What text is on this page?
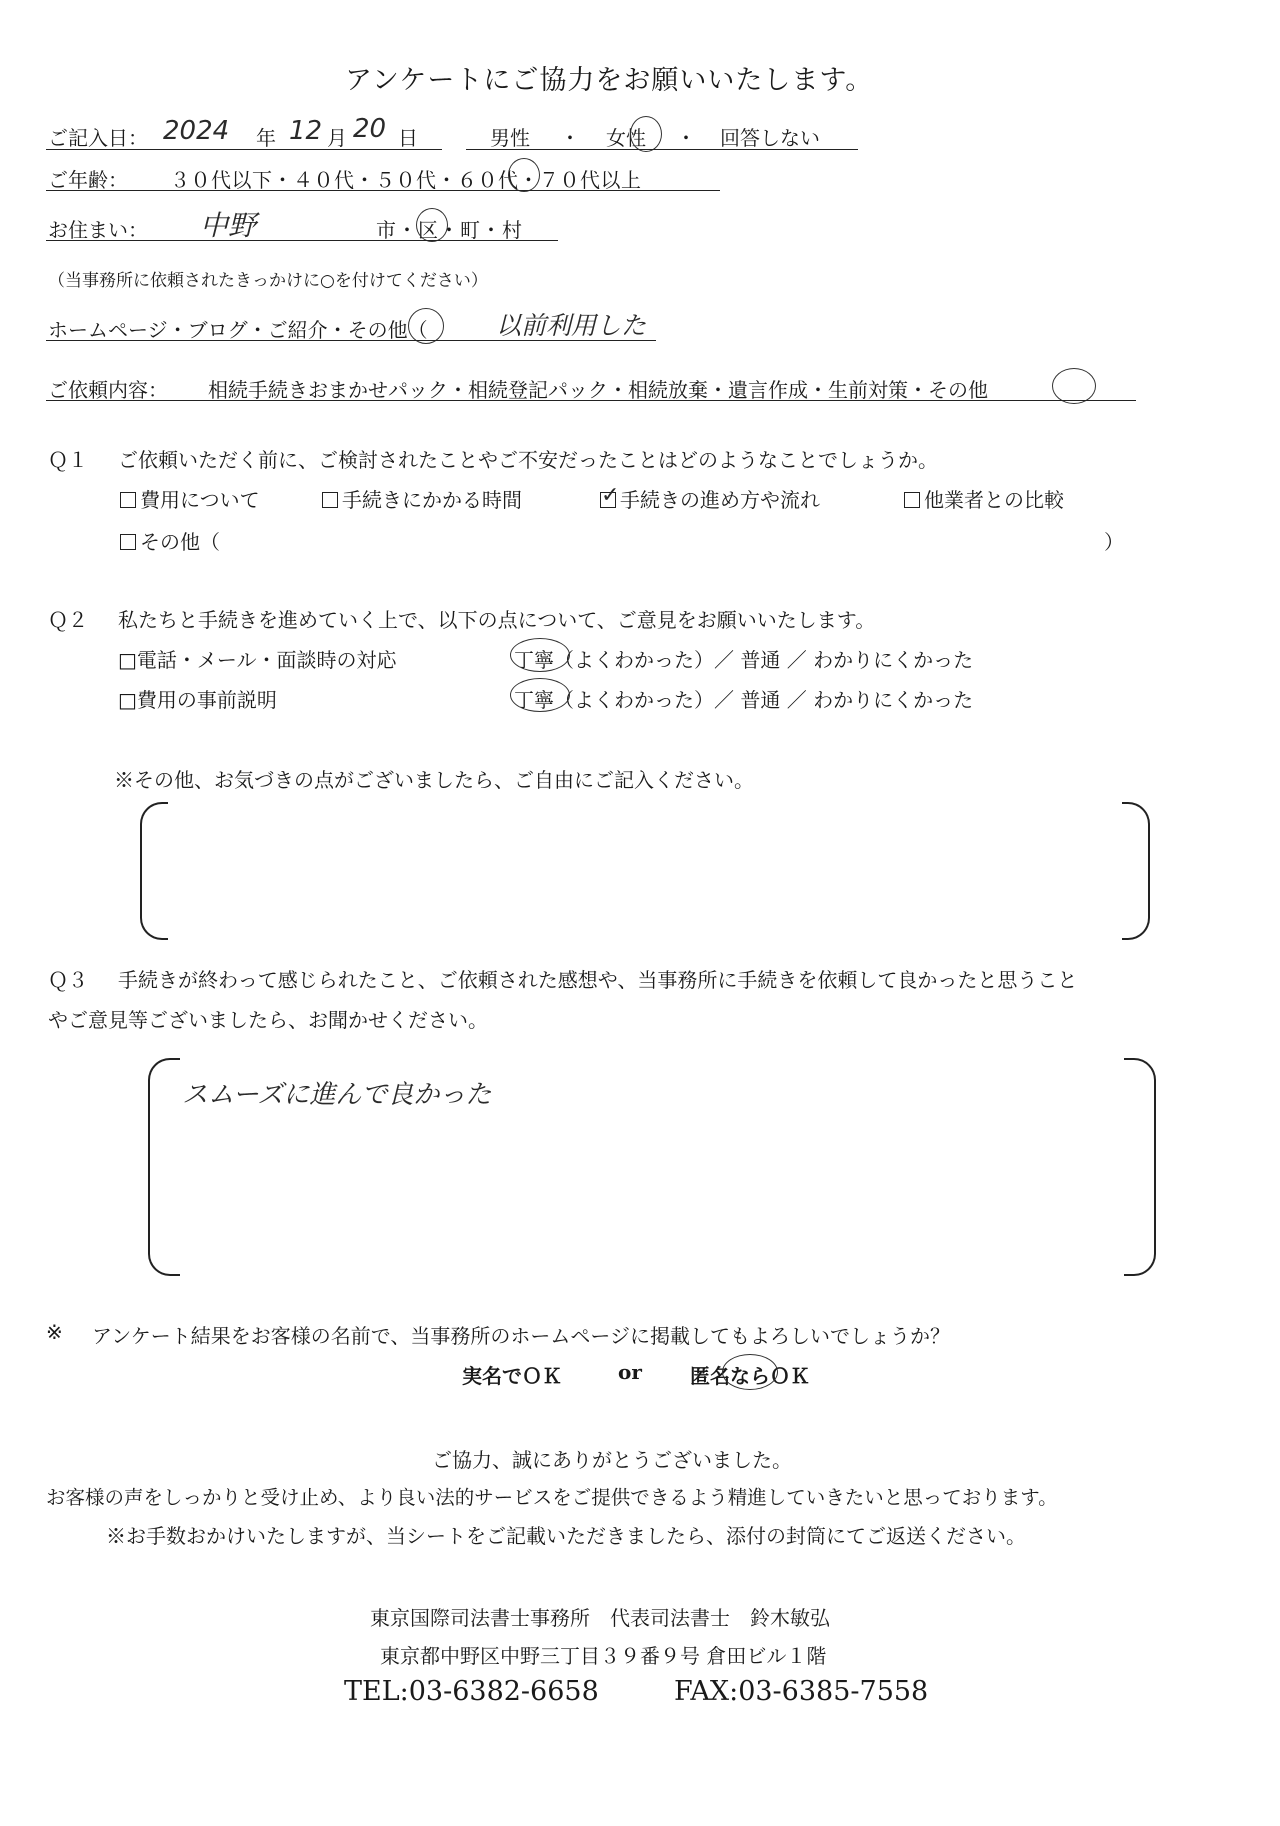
アンケートにご協力をお願いいたします。
ご記入日： 2024 年 12 月 20 日	男性 ・ 女性 ・ 回答しない
ご年齢： ３０代以下・４０代・５０代・６０代・７０代以上
お住まい： 中野	市・区・町・村
（当事務所に依頼されたきっかけに○を付けてください）
ホームページ・ブログ・ご紹介・その他（	以前利用した
ご依頼内容： 相続手続きおまかせパック・相続登記パック・相続放棄・遺言作成・生前対策・その他
Ｑ１ ご依頼いただく前に、ご検討されたことやご不安だったことはどのようなことでしょうか。
費用について	手続きにかかる時間	✓ 手続きの進め方や流れ	他業者との比較
その他（	）
Ｑ２ 私たちと手続きを進めていく上で、以下の点について、ご意見をお願いいたします。
□電話・メール・面談時の対応	丁寧（よくわかった）／ 普通 ／ わかりにくかった
□費用の事前説明	丁寧（よくわかった）／ 普通 ／ わかりにくかった
※その他、お気づきの点がございましたら、ご自由にご記入ください。
Ｑ３ 手続きが終わって感じられたこと、ご依頼された感想や、当事務所に手続きを依頼して良かったと思うこと
やご意見等ございましたら、お聞かせください。
スムーズに進んで良かった
※ アンケート結果をお客様の名前で、当事務所のホームページに掲載してもよろしいでしょうか？
実名でＯＫ	or 匿名ならＯＫ
ご協力、誠にありがとうございました。
お客様の声をしっかりと受け止め、より良い法的サービスをご提供できるよう精進していきたいと思っております。
※お手数おかけいたしますが、当シートをご記載いただきましたら、添付の封筒にてご返送ください。
東京国際司法書士事務所　代表司法書士　鈴木敏弘
東京都中野区中野三丁目３９番９号 倉田ビル１階
TEL:03-6382-6658	FAX:03-6385-7558
